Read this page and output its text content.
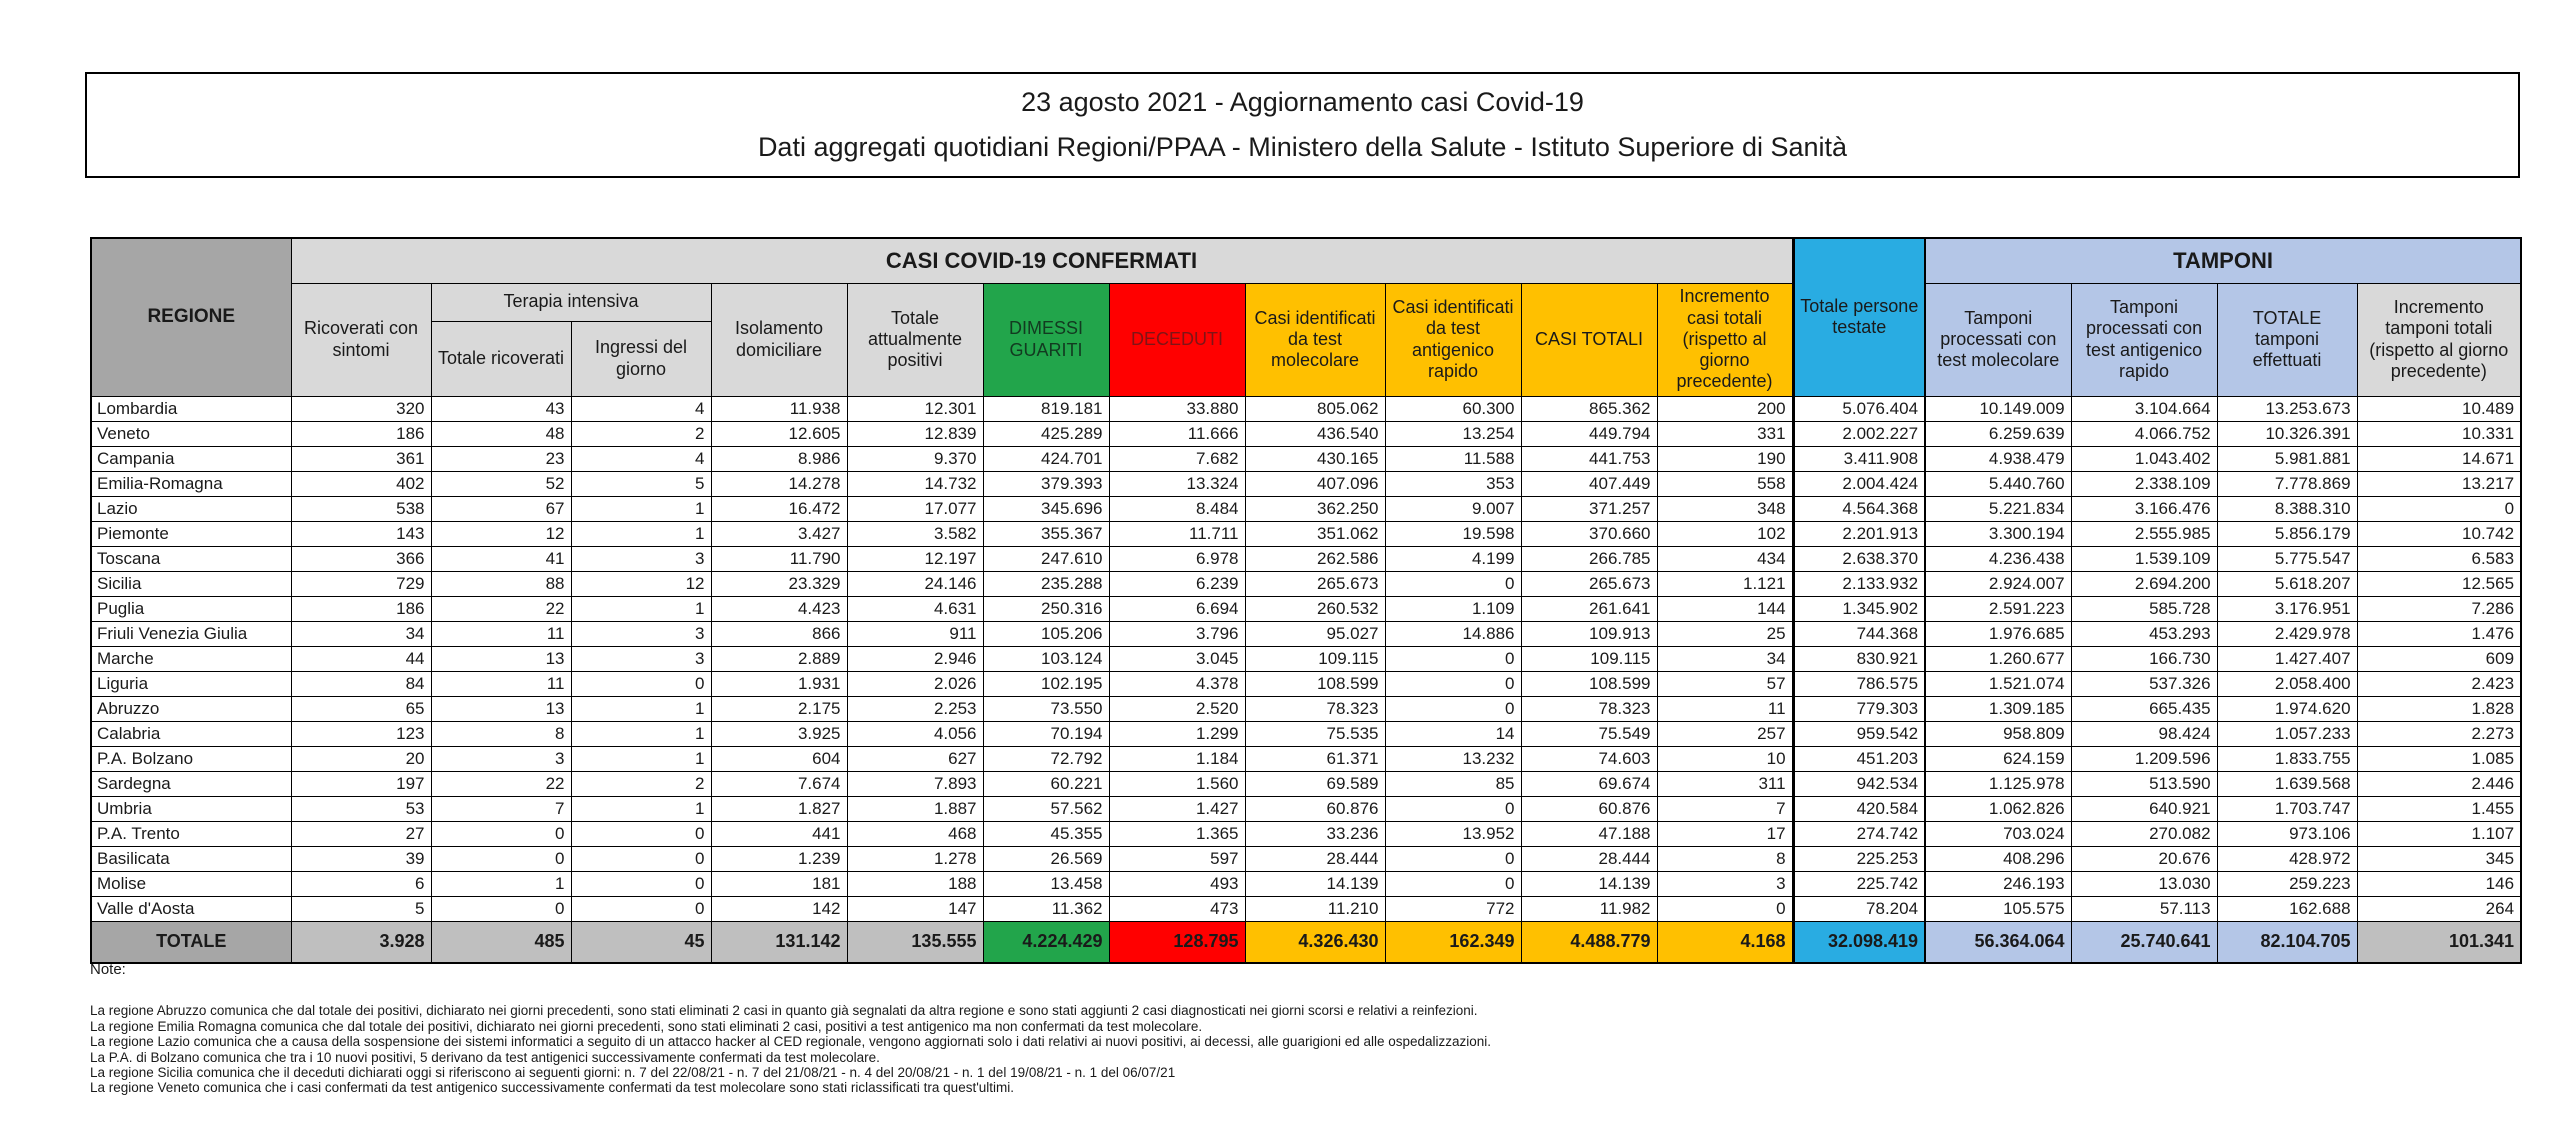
23 agosto 2021 - Aggiornamento casi Covid-19
Dati aggregati quotidiani Regioni/PPAA - Ministero della Salute - Istituto Superiore di Sanità
REGIONE	CASI COVID-19 CONFERMATI											Totale persone testate	TAMPONI			
	Ricoverati con sintomi	Terapia intensiva		Isolamento domiciliare	Totale attualmente positivi	DIMESSI GUARITI	DECEDUTI	Casi identificati da test molecolare	Casi identificati da test antigenico rapido	CASI TOTALI	Incremento casi totali (rispetto al giorno precedente)		Tamponi processati con test molecolare	Tamponi processati con test antigenico rapido	TOTALE tamponi effettuati	Incremento tamponi totali (rispetto al giorno precedente)
		Totale ricoverati	Ingressi del giorno													
Lombardia	320	43	4	11.938	12.301	819.181	33.880	805.062	60.300	865.362	200	5.076.404	10.149.009	3.104.664	13.253.673	10.489
Veneto	186	48	2	12.605	12.839	425.289	11.666	436.540	13.254	449.794	331	2.002.227	6.259.639	4.066.752	10.326.391	10.331
Campania	361	23	4	8.986	9.370	424.701	7.682	430.165	11.588	441.753	190	3.411.908	4.938.479	1.043.402	5.981.881	14.671
Emilia-Romagna	402	52	5	14.278	14.732	379.393	13.324	407.096	353	407.449	558	2.004.424	5.440.760	2.338.109	7.778.869	13.217
Lazio	538	67	1	16.472	17.077	345.696	8.484	362.250	9.007	371.257	348	4.564.368	5.221.834	3.166.476	8.388.310	0
Piemonte	143	12	1	3.427	3.582	355.367	11.711	351.062	19.598	370.660	102	2.201.913	3.300.194	2.555.985	5.856.179	10.742
Toscana	366	41	3	11.790	12.197	247.610	6.978	262.586	4.199	266.785	434	2.638.370	4.236.438	1.539.109	5.775.547	6.583
Sicilia	729	88	12	23.329	24.146	235.288	6.239	265.673	0	265.673	1.121	2.133.932	2.924.007	2.694.200	5.618.207	12.565
Puglia	186	22	1	4.423	4.631	250.316	6.694	260.532	1.109	261.641	144	1.345.902	2.591.223	585.728	3.176.951	7.286
Friuli Venezia Giulia	34	11	3	866	911	105.206	3.796	95.027	14.886	109.913	25	744.368	1.976.685	453.293	2.429.978	1.476
Marche	44	13	3	2.889	2.946	103.124	3.045	109.115	0	109.115	34	830.921	1.260.677	166.730	1.427.407	609
Liguria	84	11	0	1.931	2.026	102.195	4.378	108.599	0	108.599	57	786.575	1.521.074	537.326	2.058.400	2.423
Abruzzo	65	13	1	2.175	2.253	73.550	2.520	78.323	0	78.323	11	779.303	1.309.185	665.435	1.974.620	1.828
Calabria	123	8	1	3.925	4.056	70.194	1.299	75.535	14	75.549	257	959.542	958.809	98.424	1.057.233	2.273
P.A. Bolzano	20	3	1	604	627	72.792	1.184	61.371	13.232	74.603	10	451.203	624.159	1.209.596	1.833.755	1.085
Sardegna	197	22	2	7.674	7.893	60.221	1.560	69.589	85	69.674	311	942.534	1.125.978	513.590	1.639.568	2.446
Umbria	53	7	1	1.827	1.887	57.562	1.427	60.876	0	60.876	7	420.584	1.062.826	640.921	1.703.747	1.455
P.A. Trento	27	0	0	441	468	45.355	1.365	33.236	13.952	47.188	17	274.742	703.024	270.082	973.106	1.107
Basilicata	39	0	0	1.239	1.278	26.569	597	28.444	0	28.444	8	225.253	408.296	20.676	428.972	345
Molise	6	1	0	181	188	13.458	493	14.139	0	14.139	3	225.742	246.193	13.030	259.223	146
Valle d'Aosta	5	0	0	142	147	11.362	473	11.210	772	11.982	0	78.204	105.575	57.113	162.688	264
TOTALE	3.928	485	45	131.142	135.555	4.224.429	128.795	4.326.430	162.349	4.488.779	4.168	32.098.419	56.364.064	25.740.641	82.104.705	101.341
Note:
La regione Abruzzo comunica che dal totale dei positivi, dichiarato nei giorni precedenti, sono stati eliminati 2 casi in quanto già segnalati da altra regione e sono stati aggiunti 2 casi diagnosticati nei giorni scorsi e relativi a reinfezioni.
La regione Emilia Romagna comunica che dal totale dei positivi, dichiarato nei giorni precedenti, sono stati eliminati 2 casi, positivi a test antigenico ma non confermati da test molecolare.
La regione Lazio comunica che a causa della sospensione dei sistemi informatici a seguito di un attacco hacker al CED regionale, vengono aggiornati solo i dati relativi ai nuovi positivi, ai decessi, alle guarigioni ed alle ospedalizzazioni.
La P.A. di Bolzano comunica che tra i 10 nuovi positivi, 5 derivano da test antigenici successivamente confermati da test molecolare.
La regione Sicilia comunica che il deceduti dichiarati oggi si riferiscono ai seguenti giorni: n. 7 del 22/08/21 - n. 7 del 21/08/21 - n. 4 del 20/08/21 - n. 1 del 19/08/21 - n. 1 del 06/07/21
La regione Veneto comunica che i casi confermati da test antigenico successivamente confermati da test molecolare sono stati riclassificati tra quest'ultimi.
